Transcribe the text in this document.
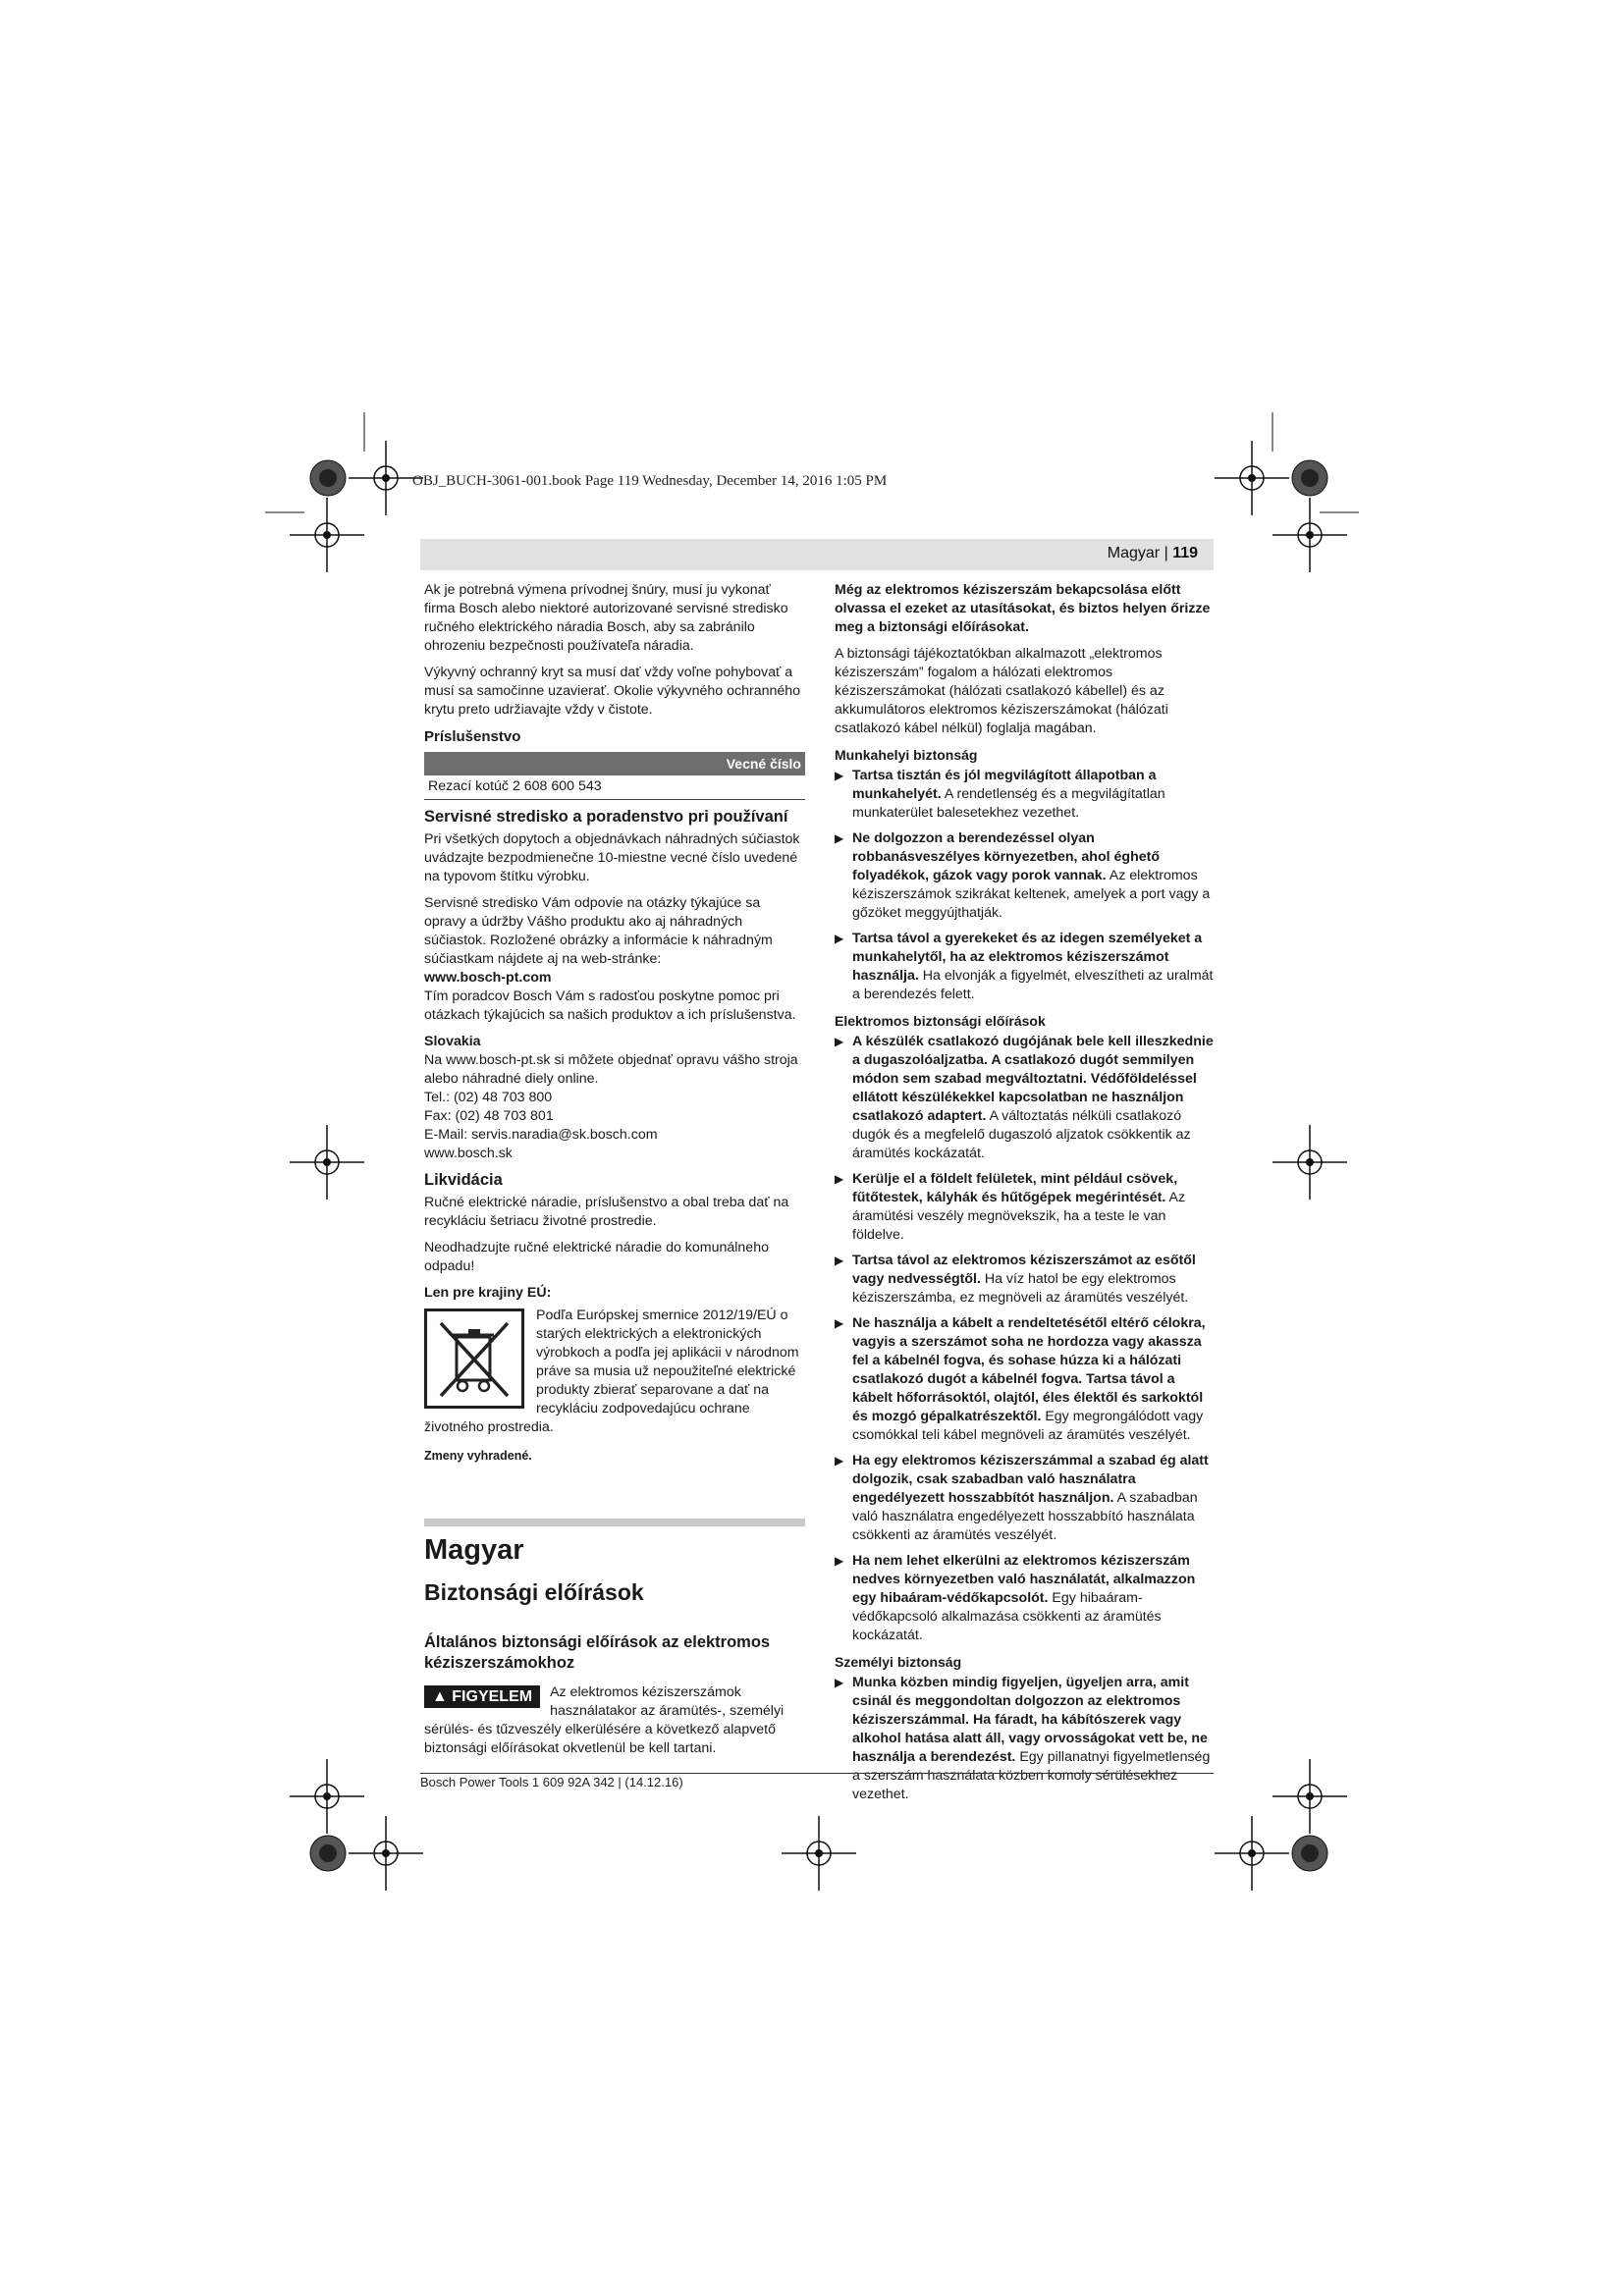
OBJ_BUCH-3061-001.book Page 119 Wednesday, December 14, 2016 1:05 PM
Magyar | 119

Ak je potrebná výmena prívodnej šnúry, musí ju vykonať firma Bosch alebo niektoré autorizované servisné stredisko ručného elektrického náradia Bosch, aby sa zabránilo ohrozeniu bezpečnosti používateľa náradia.

Výkyvný ochranný kryt sa musí dať vždy voľne pohybovať a musí sa samočinne uzavierať. Okolie výkyvného ochranného krytu preto udržiavajte vždy v čistote.

Príslušenstvo
Vecné číslo
Rezací kotúč 2 608 600 543
Servisné stredisko a poradenstvo pri používaní

Pri všetkých dopytoch a objednávkach náhradných súčiastok uvádzajte bezpodmienečne 10-miestne vecné číslo uvedené na typovom štítku výrobku.

Servisné stredisko Vám odpovie na otázky týkajúce sa opravy a údržby Vášho produktu ako aj náhradných súčiastok. Rozložené obrázky a informácie k náhradným súčiastkam nájdete aj na web-stránke:

www.bosch-pt.com

Tím poradcov Bosch Vám s radosťou poskytne pomoc pri otázkach týkajúcich sa našich produktov a ich príslušenstva.

Slovakia

Na www.bosch-pt.sk si môžete objednať opravu vášho stroja alebo náhradné diely online.

Tel.: (02) 48 703 800
Fax: (02) 48 703 801
E-Mail: servis.naradia@sk.bosch.com
www.bosch.sk
Likvidácia

Ručné elektrické náradie, príslušenstvo a obal treba dať na recykláciu šetriacu životné prostredie.

Neodhadzujte ručné elektrické náradie do komunálneho odpadu!

Len pre krajiny EÚ:
Podľa Európskej smernice 2012/19/EÚ o starých elektrických a elektronických výrobkoch a podľa jej aplikácii v národnom práve sa musia už nepoužiteľné elektrické produkty zbierať separovane a dať na recykláciu zodpovedajúcu ochrane životného prostredia.
Zmeny vyhradené.
Magyar
Biztonsági előírások
Általános biztonsági előírások az elektromos kéziszerszámokhoz
▲ FIGYELEM	Az elektromos kéziszerszámok használatakor az áramütés-, személyi sérülés- és tűzveszély elkerülésére a következő alapvető biztonsági előírásokat okvetlenül be kell tartani.

Még az elektromos kéziszerszám bekapcsolása előtt olvassa el ezeket az utasításokat, és biztos helyen őrizze meg a biztonsági előírásokat.

A biztonsági tájékoztatókban alkalmazott „elektromos kéziszerszám” fogalom a hálózati elektromos kéziszerszámokat (hálózati csatlakozó kábellel) és az akkumulátoros elektromos kéziszerszámokat (hálózati csatlakozó kábel nélkül) foglalja magában.

Munkahelyi biztonság
▶ Tartsa tisztán és jól megvilágított állapotban a munkahelyét. A rendetlenség és a megvilágítatlan munkaterület balesetekhez vezethet.
▶ Ne dolgozzon a berendezéssel olyan robbanásveszélyes környezetben, ahol éghető folyadékok, gázok vagy porok vannak. Az elektromos kéziszerszámok szikrákat keltenek, amelyek a port vagy a gőzöket meggyújthatják.
▶ Tartsa távol a gyerekeket és az idegen személyeket a munkahelytől, ha az elektromos kéziszerszámot használja. Ha elvonják a figyelmét, elveszítheti az uralmát a berendezés felett.
Elektromos biztonsági előírások
▶ A készülék csatlakozó dugójának bele kell illeszkednie a dugaszolóaljzatba. A csatlakozó dugót semmilyen módon sem szabad megváltoztatni. Védőföldeléssel ellátott készülékekkel kapcsolatban ne használjon csatlakozó adaptert. A változtatás nélküli csatlakozó dugók és a megfelelő dugaszoló aljzatok csökkentik az áramütés kockázatát.
▶ Kerülje el a földelt felületek, mint például csövek, fűtőtestek, kályhák és hűtőgépek megérintését. Az áramütési veszély megnövekszik, ha a teste le van földelve.
▶ Tartsa távol az elektromos kéziszerszámot az esőtől vagy nedvességtől. Ha víz hatol be egy elektromos kéziszerszámba, ez megnöveli az áramütés veszélyét.
▶ Ne használja a kábelt a rendeltetésétől eltérő célokra, vagyis a szerszámot soha ne hordozza vagy akassza fel a kábelnél fogva, és sohase húzza ki a hálózati csatlakozó dugót a kábelnél fogva. Tartsa távol a kábelt hőforrásoktól, olajtól, éles élektől és sarkoktól és mozgó gépalkatrészektől. Egy megrongálódott vagy csomókkal teli kábel megnöveli az áramütés veszélyét.
▶ Ha egy elektromos kéziszerszámmal a szabad ég alatt dolgozik, csak szabadban való használatra engedélyezett hosszabbítót használjon. A szabadban való használatra engedélyezett hosszabbító használata csökkenti az áramütés veszélyét.
▶ Ha nem lehet elkerülni az elektromos kéziszerszám nedves környezetben való használatát, alkalmazzon egy hibaáram-védőkapcsolót. Egy hibaáram-védőkapcsoló alkalmazása csökkenti az áramütés kockázatát.
Személyi biztonság
▶ Munka közben mindig figyeljen, ügyeljen arra, amit csinál és meggondoltan dolgozzon az elektromos kéziszerszámmal. Ha fáradt, ha kábítószerek vagy alkohol hatása alatt áll, vagy orvosságokat vett be, ne használja a berendezést. Egy pillanatnyi figyelmetlenség a szerszám használata közben komoly sérülésekhez vezethet.
Bosch Power Tools 1 609 92A 342 | (14.12.16)
